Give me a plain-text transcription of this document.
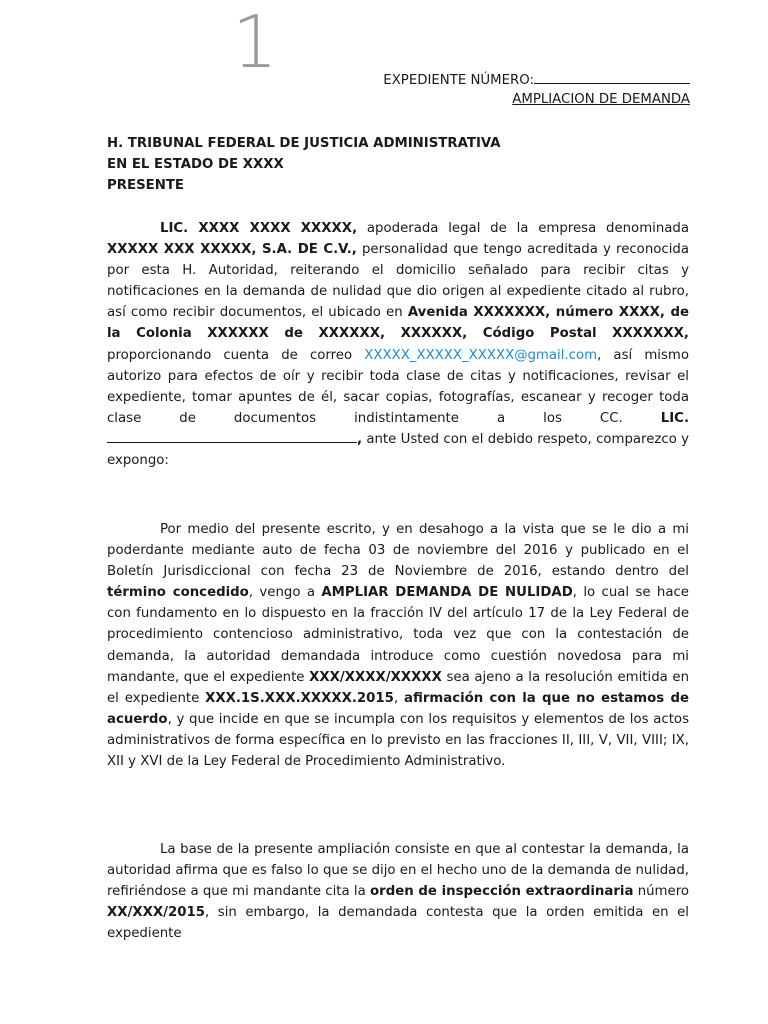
1	EXPEDIENTE NÚMERO:
AMPLIACION DE DEMANDA
H. TRIBUNAL FEDERAL DE JUSTICIA ADMINISTRATIVA
EN EL ESTADO DE XXXX
PRESENTE

LIC. XXXX XXXX XXXXX, apoderada legal de la empresa denominada XXXXX XXX XXXXX, S.A. DE C.V., personalidad que tengo acreditada y reconocida por esta H. Autoridad, reiterando el domicilio señalado para recibir citas y notificaciones en la demanda de nulidad que dio origen al expediente citado al rubro, así como recibir documentos, el ubicado en Avenida XXXXXXX, número XXXX, de la Colonia XXXXXX de XXXXXX, XXXXXX, Código Postal XXXXXXX, proporcionando cuenta de correo XXXXX_XXXXX_XXXXX@gmail.com, así mismo autorizo para efectos de oír y recibir toda clase de citas y notificaciones, revisar el expediente, tomar apuntes de él, sacar copias, fotografías, escanear y recoger toda clase de documentos indistintamente a los CC. LIC. , ante Usted con el debido respeto, comparezco y expongo:

Por medio del presente escrito, y en desahogo a la vista que se le dio a mi poderdante mediante auto de fecha 03 de noviembre del 2016 y publicado en el Boletín Jurisdiccional con fecha 23 de Noviembre de 2016, estando dentro del término concedido, vengo a AMPLIAR DEMANDA DE NULIDAD, lo cual se hace con fundamento en lo dispuesto en la fracción IV del artículo 17 de la Ley Federal de procedimiento contencioso administrativo, toda vez que con la contestación de demanda, la autoridad demandada introduce como cuestión novedosa para mi mandante, que el expediente XXX/XXXX/XXXXX sea ajeno a la resolución emitida en el expediente XXX.1S.XXX.XXXXX.2015, afirmación con la que no estamos de acuerdo, y que incide en que se incumpla con los requisitos y elementos de los actos administrativos de forma específica en lo previsto en las fracciones II, III, V, VII, VIII; IX, XII y XVI de la Ley Federal de Procedimiento Administrativo.

La base de la presente ampliación consiste en que al contestar la demanda, la autoridad afirma que es falso lo que se dijo en el hecho uno de la demanda de nulidad, refiriéndose a que mi mandante cita la orden de inspección extraordinaria número XX/XXX/2015, sin embargo, la demandada contesta que la orden emitida en el expediente
